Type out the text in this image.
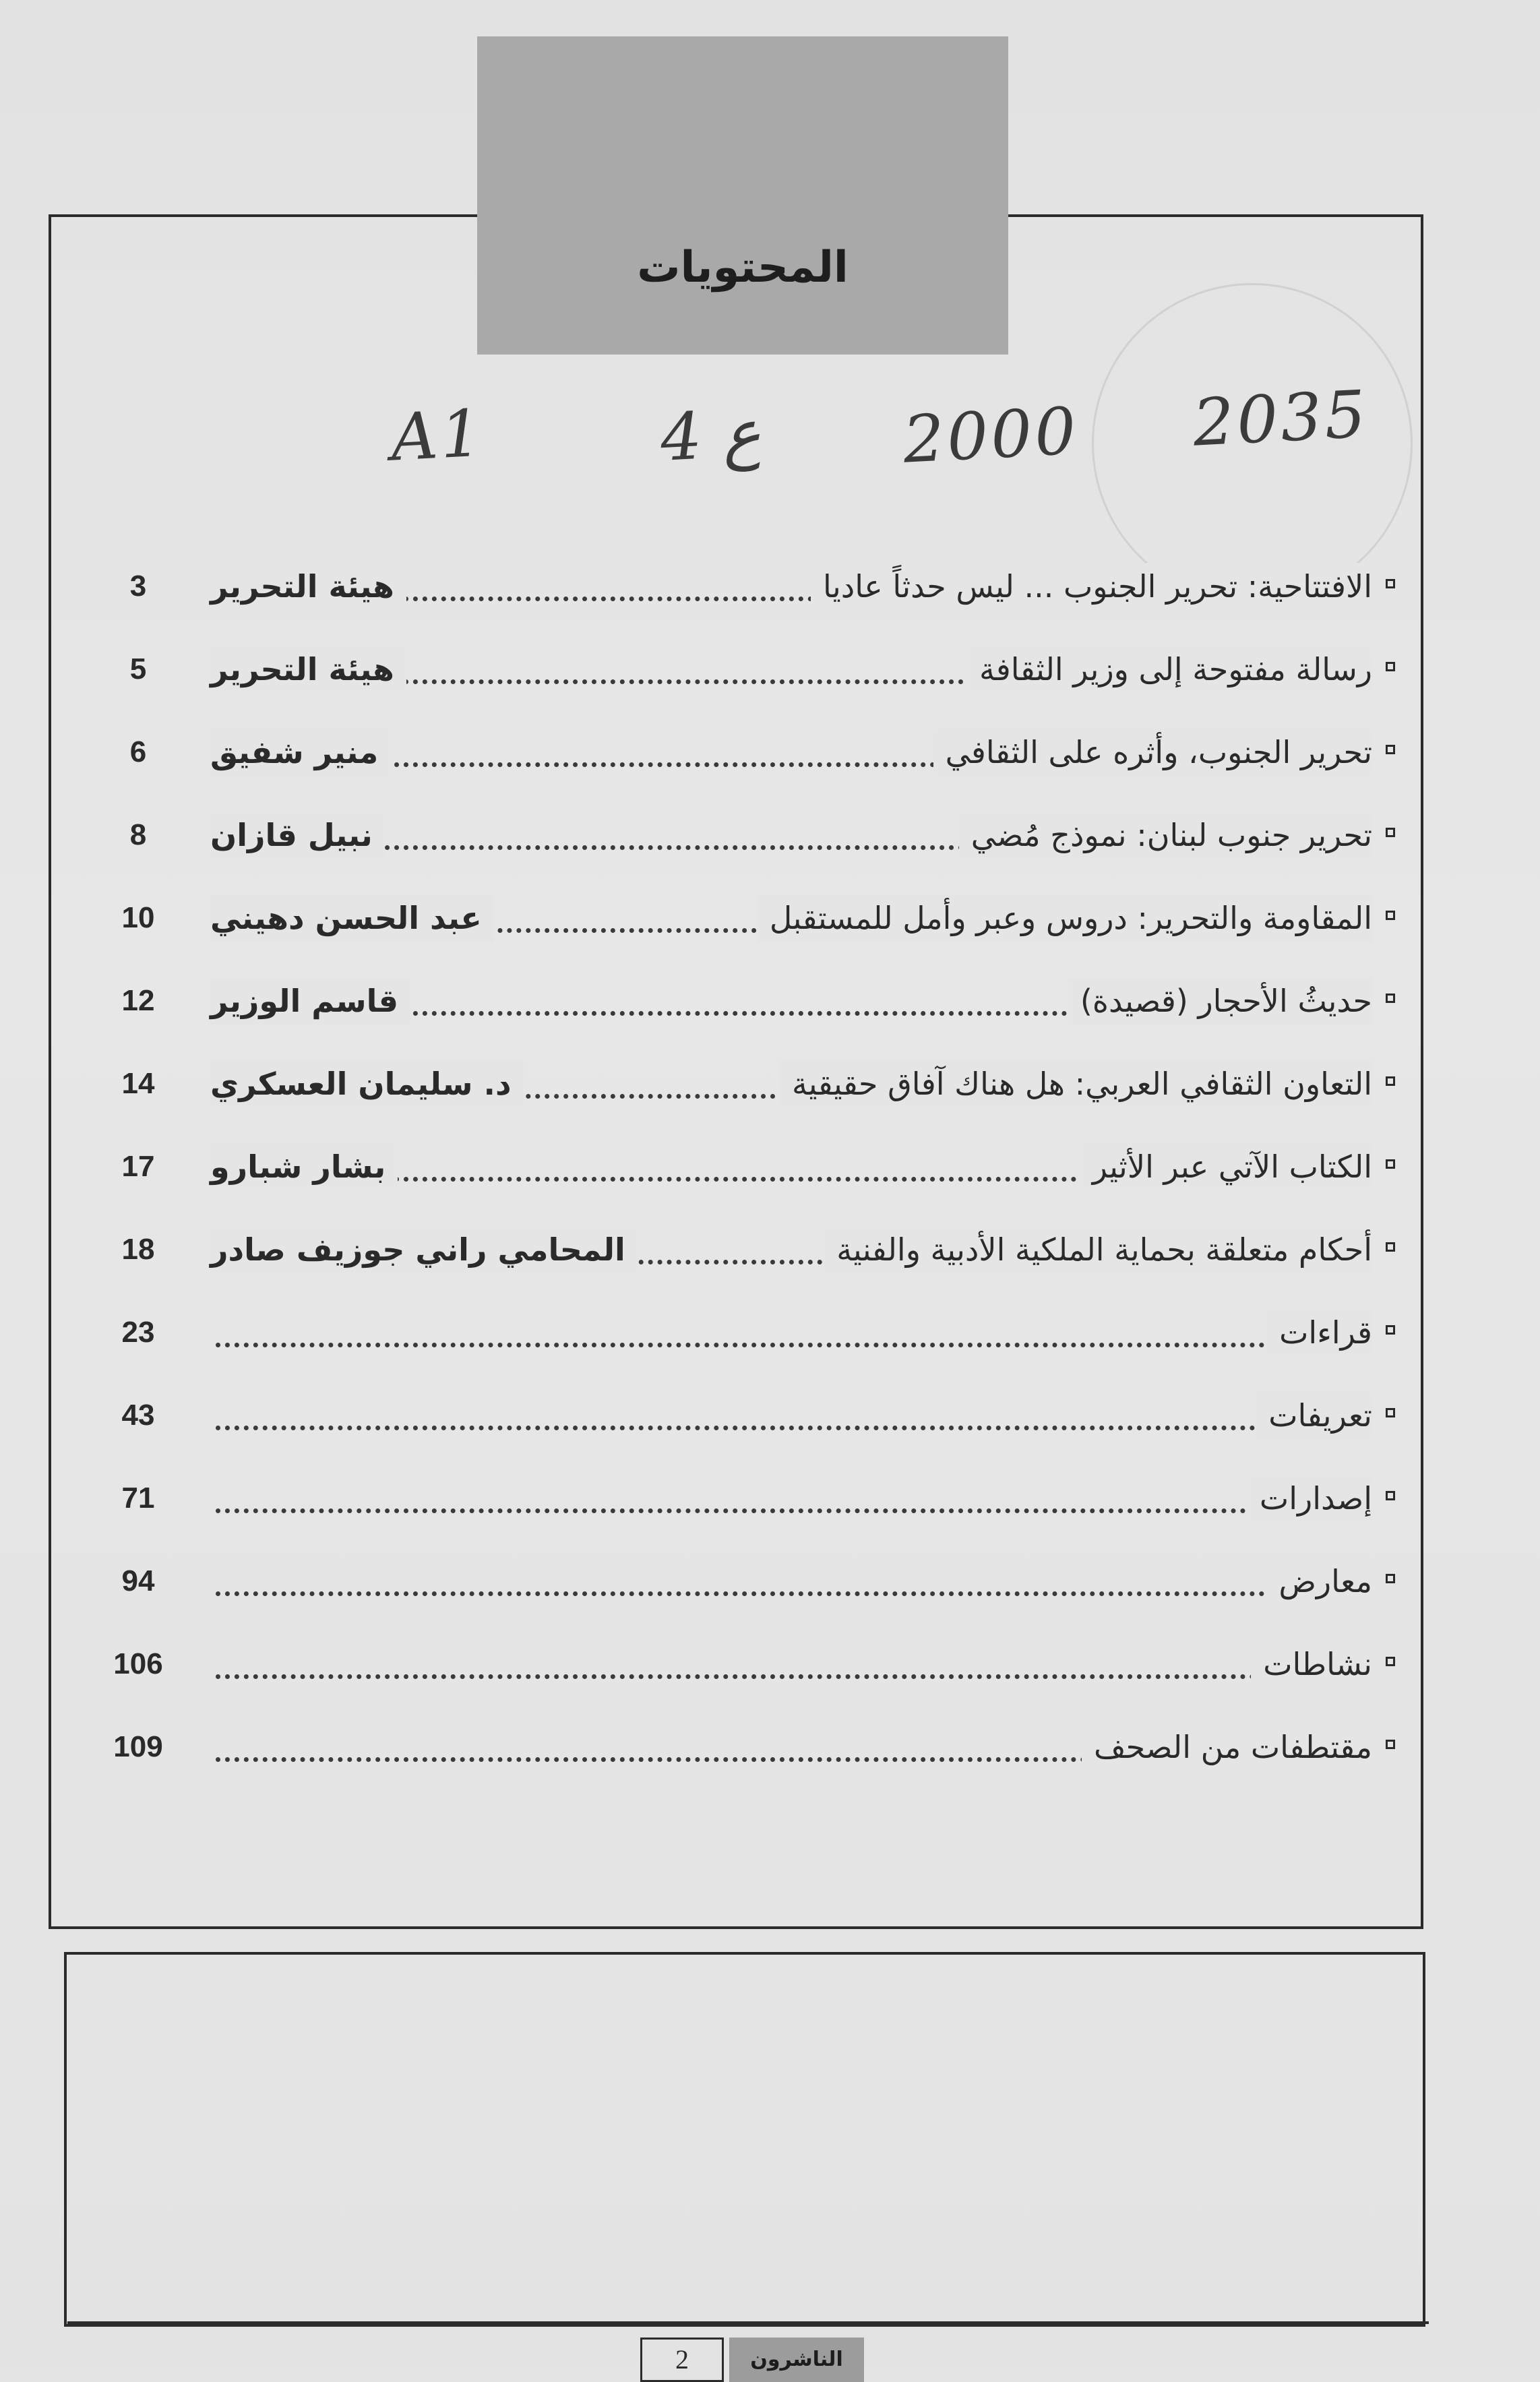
المحتويات
A1	4 ع 2000 2035
الافتتاحية: تحرير الجنوب ... ليس حدثاً عاديا
هيئة التحرير
3
رسالة مفتوحة إلى وزير الثقافة
هيئة التحرير
5
تحرير الجنوب، وأثره على الثقافي
منير شفيق
6
تحرير جنوب لبنان: نموذج مُضي
نبيل قازان
8
المقاومة والتحرير: دروس وعبر وأمل للمستقبل
عبد الحسن دهيني
10
حديثُ الأحجار (قصيدة)
قاسم الوزير
12
التعاون الثقافي العربي: هل هناك آفاق حقيقية
د. سليمان العسكري
14
الكتاب الآتي عبر الأثير
بشار شبارو
17
أحكام متعلقة بحماية الملكية الأدبية والفنية
المحامي راني جوزيف صادر
18
قراءات
23
تعريفات
43
إصدارات
71
معارض
94
نشاطات
106
مقتطفات من الصحف
109
2	الناشرون
